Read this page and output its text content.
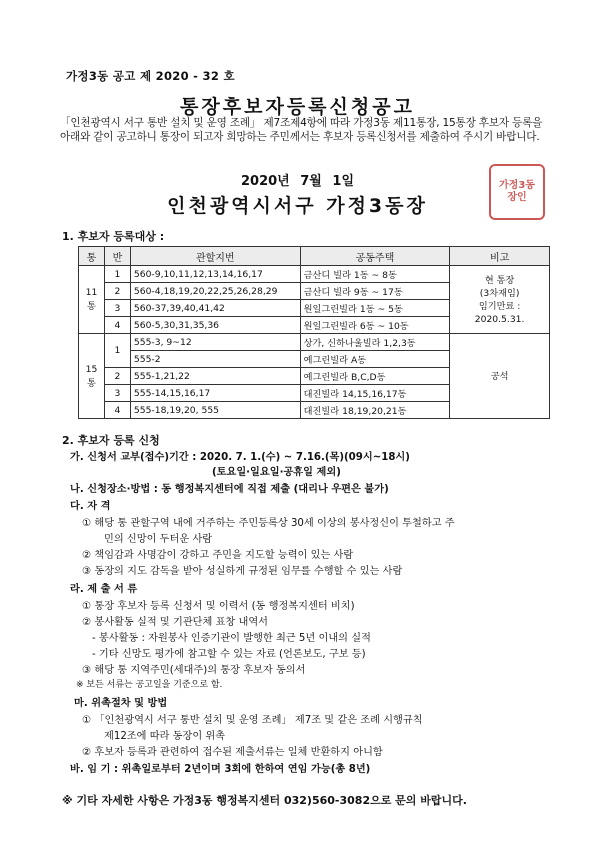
가정3동 공고 제 2020 - 32 호
통장후보자등록신청공고
「인천광역시 서구 통반 설치 및 운영 조례」 제7조제4항에 따라 가정3동 제11통장, 15통장 후보자 등록을 아래와 같이 공고하니 통장이 되고자 희망하는 주민께서는 후보자 등록신청서를 제출하여 주시기 바랍니다.
2020년 7월 1일
인천광역시서구 가정3동장
가정3동장인
1. 후보자 등록대상 :
통	반	관할지번	공동주택	비고
11통	1	560-9,10,11,12,13,14,16,17	금산디 빌라 1동 ~ 8동	현 통장
(3차재임)
임기만료 :
2020.5.31.
	2	560-4,18,19,20,22,25,26,28,29	금산디 빌라 9동 ~ 17동	
	3	560-37,39,40,41,42	원일그린빌라 1동 ~ 5동	
	4	560-5,30,31,35,36	원일그린빌라 6동 ~ 10동	
15통	1	555-3, 9~12	상가, 신하나울빌라 1,2,3동	공석
		555-2	예그린빌라 A동	
	2	555-1,21,22	예그린빌라 B,C,D동	
	3	555-14,15,16,17	대진빌라 14,15,16,17동	
	4	555-18,19,20, 555	대진빌라 18,19,20,21동	
2. 후보자 등록 신청
가. 신청서 교부(접수)기간 : 2020. 7. 1.(수) ~ 7.16.(목)(09시~18시)
(토요일·일요일·공휴일 제외)
나. 신청장소·방법 : 동 행정복지센터에 직접 제출 (대리나 우편은 불가)
다. 자 격
① 해당 통 관할구역 내에 거주하는 주민등록상 30세 이상의 봉사정신이 투철하고 주
민의 신망이 두터운 사람
② 책임감과 사명감이 강하고 주민을 지도할 능력이 있는 사람
③ 동장의 지도 감독을 받아 성실하게 규정된 임무를 수행할 수 있는 사람
라. 제 출 서 류
① 통장 후보자 등록 신청서 및 이력서 (동 행정복지센터 비치)
② 봉사활동 실적 및 기관단체 표창 내역서
- 봉사활동 : 자원봉사 인증기관이 발행한 최근 5년 이내의 실적
- 기타 신망도 평가에 참고할 수 있는 자료 (언론보도, 구보 등)
③ 해당 통 지역주민(세대주)의 통장 후보자 동의서
※ 보든 서류는 공고일을 기준으로 함.
마. 위촉절차 및 방법
① 「인천광역시 서구 통반 설치 및 운영 조례」 제7조 및 같은 조례 시행규칙
제12조에 따라 동장이 위촉
② 후보자 등록과 관련하여 접수된 제출서류는 일체 반환하지 아니함
바. 임 기 : 위촉일로부터 2년이며 3회에 한하여 연임 가능(총 8년)
※ 기타 자세한 사항은 가정3동 행정복지센터 032)560-3082으로 문의 바랍니다.
